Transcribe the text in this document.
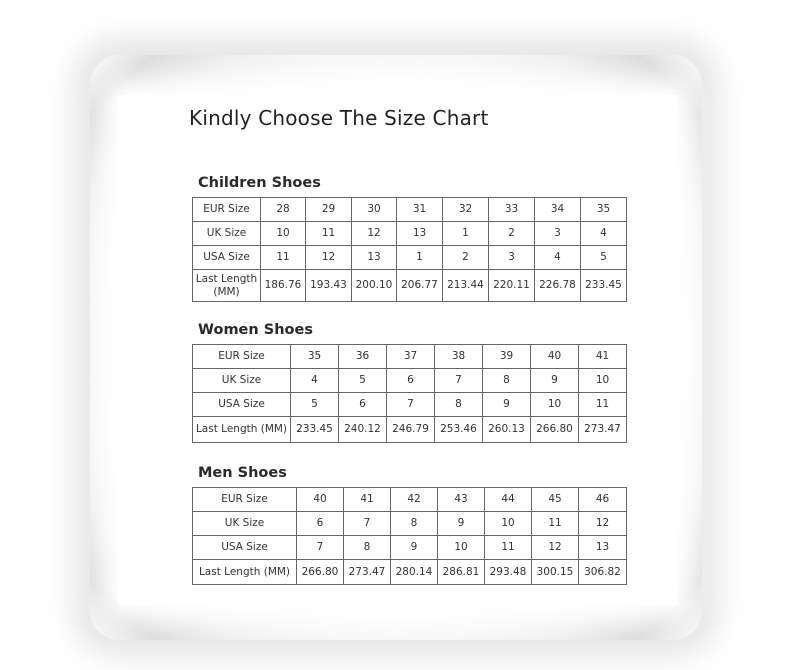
Kindly Choose The Size Chart
Children Shoes
EUR Size	28	29	30	31	32	33	34	35
UK Size	10	11	12	13	1	2	3	4
USA Size	11	12	13	1	2	3	4	5
Last Length (MM)	186.76	193.43	200.10	206.77	213.44	220.11	226.78	233.45
Women Shoes
EUR Size	35	36	37	38	39	40	41
UK Size	4	5	6	7	8	9	10
USA Size	5	6	7	8	9	10	11
Last Length (MM)	233.45	240.12	246.79	253.46	260.13	266.80	273.47
Men Shoes
EUR Size	40	41	42	43	44	45	46
UK Size	6	7	8	9	10	11	12
USA Size	7	8	9	10	11	12	13
Last Length (MM)	266.80	273.47	280.14	286.81	293.48	300.15	306.82
